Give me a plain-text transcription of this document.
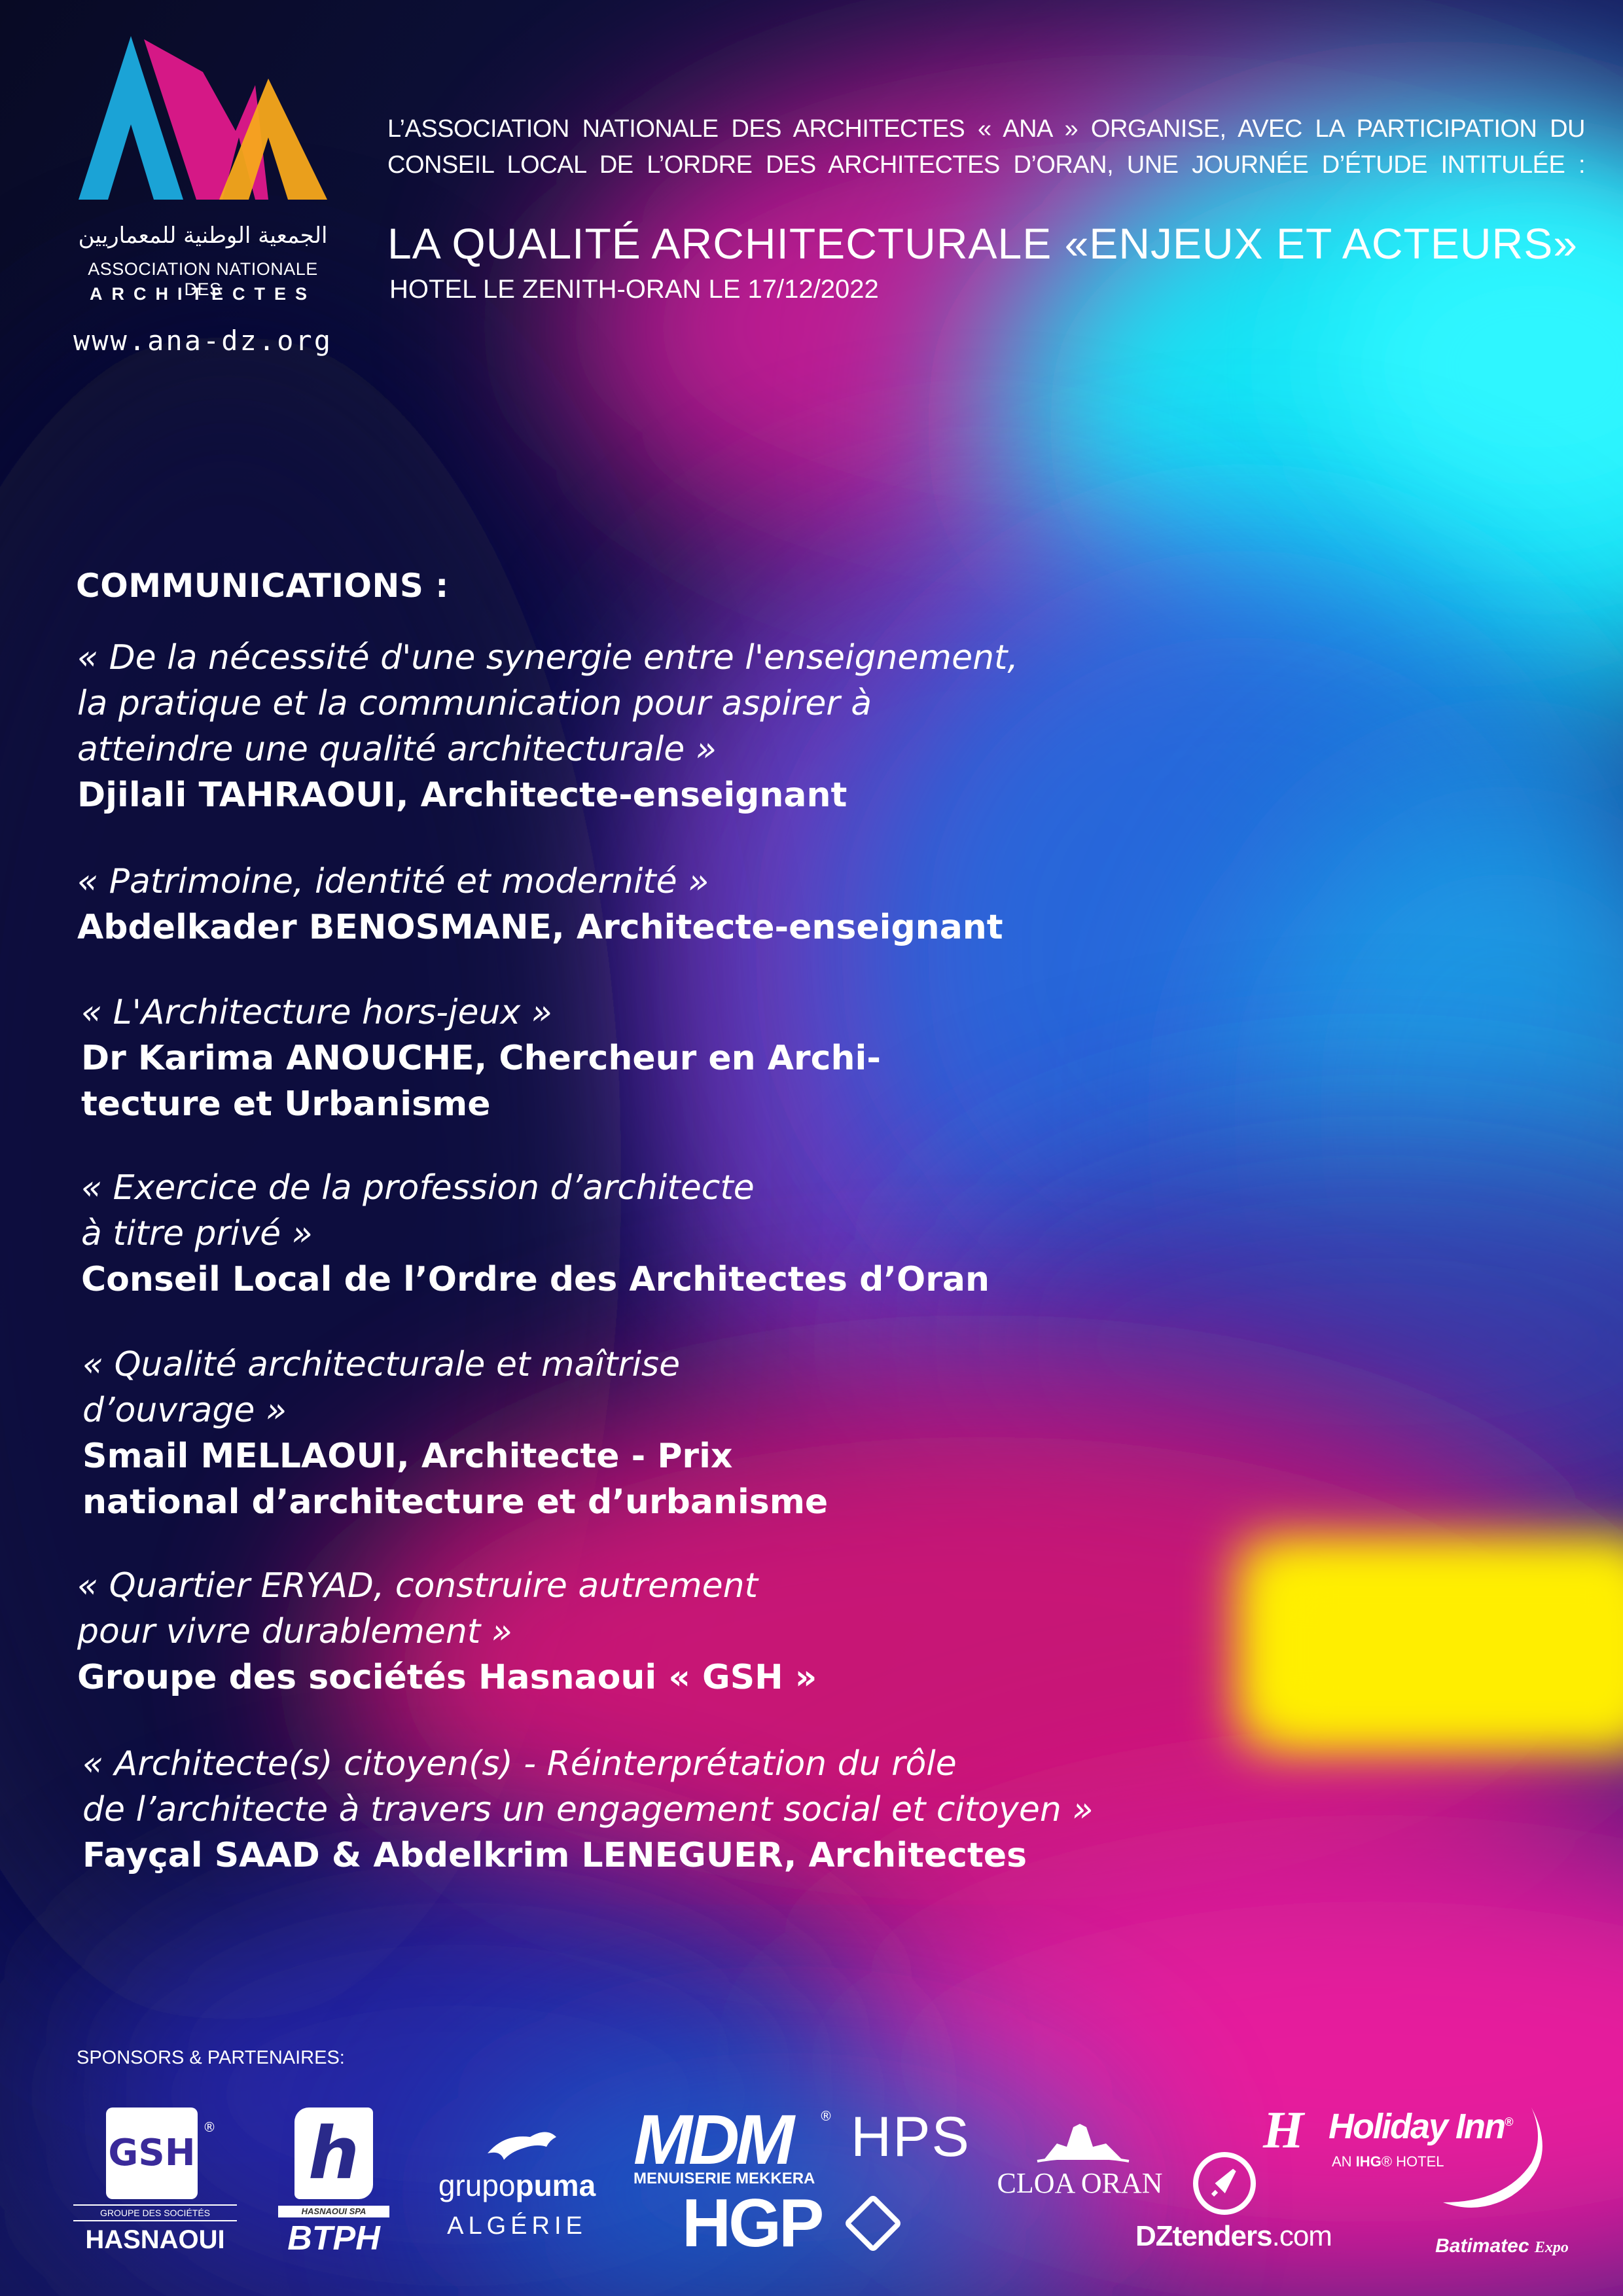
الجمعية الوطنية للمعماريين
ASSOCIATION NATIONALE DES
ARCHITECTES
www.ana-dz.org
L’ASSOCIATION NATIONALE DES ARCHITECTES « ANA » ORGANISE, AVEC LA PARTICIPATION DU
CONSEIL LOCAL DE L’ORDRE DES ARCHITECTES D’ORAN, UNE JOURNÉE D’ÉTUDE INTITULÉE :
LA QUALITÉ ARCHITECTURALE «ENJEUX ET ACTEURS»
HOTEL LE ZENITH-ORAN LE 17/12/2022
COMMUNICATIONS :
« De la nécessité d'une synergie entre l'enseignement,
la pratique et la communication pour aspirer à
atteindre une qualité architecturale »
Djilali TAHRAOUI, Architecte-enseignant
« Patrimoine, identité et modernité »
Abdelkader BENOSMANE, Architecte-enseignant
« L'Architecture hors-jeux »
Dr Karima ANOUCHE, Chercheur en Archi-
tecture et Urbanisme
« Exercice de la profession d’architecte
à titre privé »
Conseil Local de l’Ordre des Architectes d’Oran
« Qualité architecturale et maîtrise
d’ouvrage »
Smail MELLAOUI, Architecte - Prix
national d’architecture et d’urbanisme
« Quartier ERYAD, construire autrement
pour vivre durablement »
Groupe des sociétés Hasnaoui « GSH »
« Architecte(s) citoyen(s) - Réinterprétation du rôle
de l’architecte à travers un engagement social et citoyen »
Fayçal SAAD & Abdelkrim LENEGUER, Architectes
SPONSORS & PARTENAIRES:
GSH
®
GROUPE DES SOCIÉTÉS
HASNAOUI
h
HASNAOUI SPA
BTPH
grupopuma
ALGÉRIE
MDM ®
MENUISERIE MEKKERA
HPS
HGP
CLOA ORAN
DZtenders.com
H Holiday Inn®
AN IHG® HOTEL
Batimatec Expo
